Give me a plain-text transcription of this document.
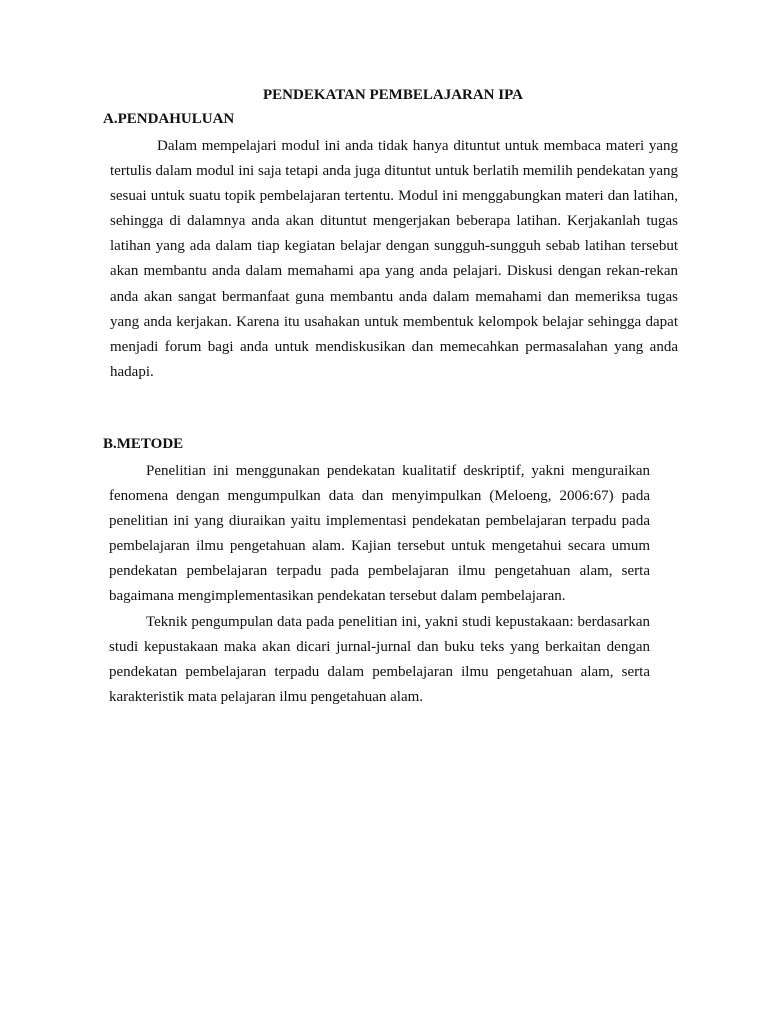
PENDEKATAN PEMBELAJARAN IPA
A.PENDAHULUAN

Dalam mempelajari modul ini anda tidak hanya dituntut untuk membaca materi yang tertulis dalam modul ini saja tetapi anda juga dituntut untuk berlatih memilih pendekatan yang sesuai untuk suatu topik pembelajaran tertentu. Modul ini menggabungkan materi dan latihan, sehingga di dalamnya anda akan dituntut mengerjakan beberapa latihan. Kerjakanlah tugas latihan yang ada dalam tiap kegiatan belajar dengan sungguh-sungguh sebab latihan tersebut akan membantu anda dalam memahami apa yang anda pelajari. Diskusi dengan rekan-rekan anda akan sangat bermanfaat guna membantu anda dalam memahami dan memeriksa tugas yang anda kerjakan. Karena itu usahakan untuk membentuk kelompok belajar sehingga dapat menjadi forum bagi anda untuk mendiskusikan dan memecahkan permasalahan yang anda hadapi.

B.METODE

Penelitian ini menggunakan pendekatan kualitatif deskriptif, yakni menguraikan fenomena dengan mengumpulkan data dan menyimpulkan (Meloeng, 2006:67) pada penelitian ini yang diuraikan yaitu implementasi pendekatan pembelajaran terpadu pada pembelajaran ilmu pengetahuan alam. Kajian tersebut untuk mengetahui secara umum pendekatan pembelajaran terpadu pada pembelajaran ilmu pengetahuan alam, serta bagaimana mengimplementasikan pendekatan tersebut dalam pembelajaran.

Teknik pengumpulan data pada penelitian ini, yakni studi kepustakaan: berdasarkan studi kepustakaan maka akan dicari jurnal-jurnal dan buku teks yang berkaitan dengan pendekatan pembelajaran terpadu dalam pembelajaran ilmu pengetahuan alam, serta karakteristik mata pelajaran ilmu pengetahuan alam.
